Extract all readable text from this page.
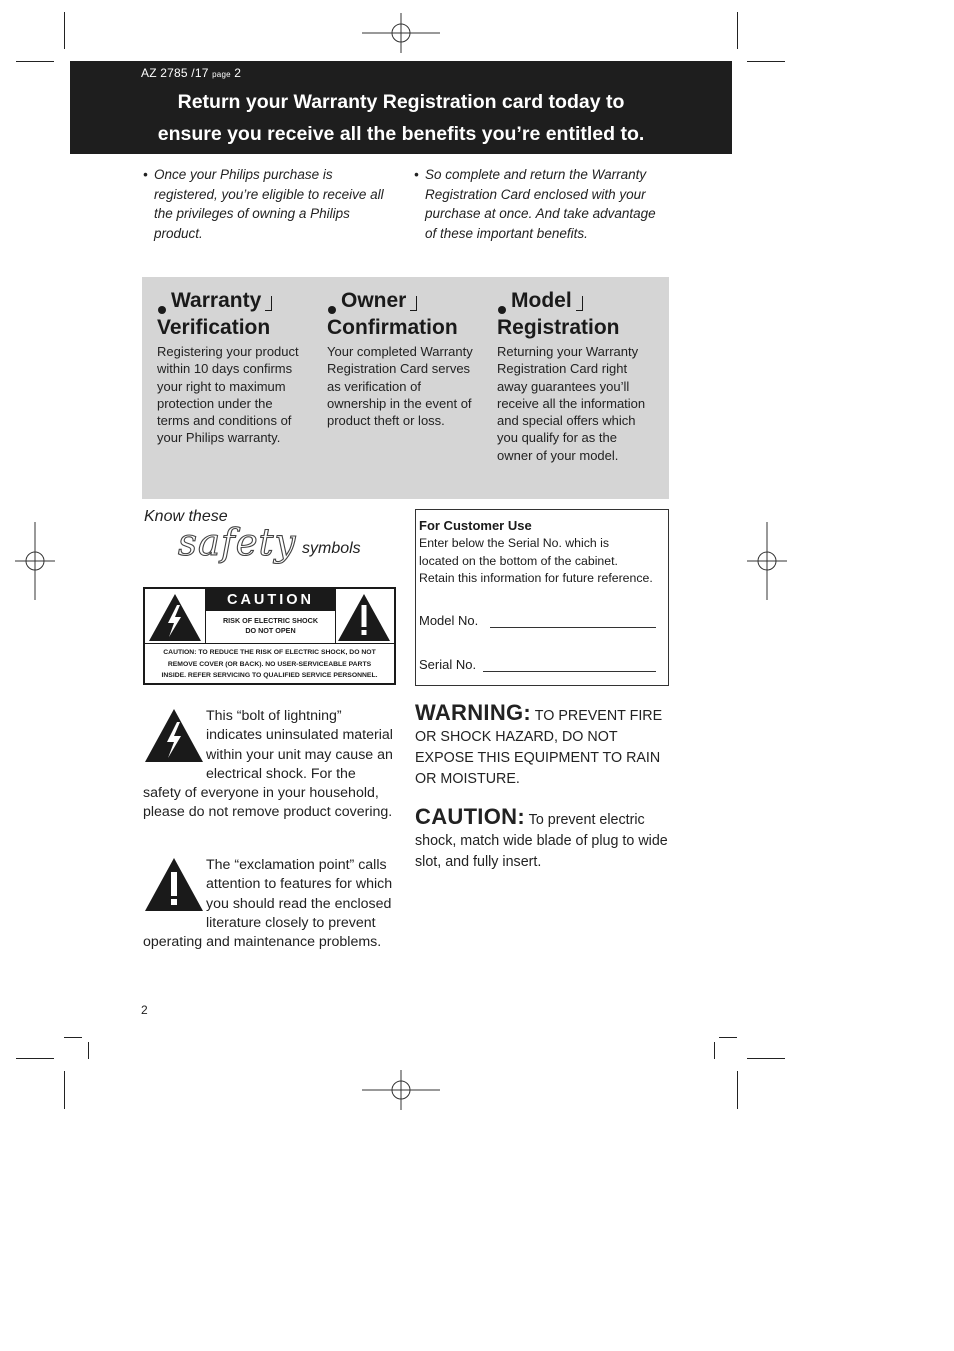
AZ 2785 /17 page 2
Return your Warranty Registration card today to
ensure you receive all the benefits you’re entitled to.
• Once your Philips purchase is
registered, you’re eligible to receive all
the privileges of owning a Philips
product.
• So complete and return the Warranty
Registration Card enclosed with your
purchase at once. And take advantage
of these important benefits.
Warranty
Verification
Registering your product
within 10 days confirms
your right to maximum
protection under the
terms and conditions of
your Philips warranty.
Owner
Confirmation
Your completed Warranty
Registration Card serves
as verification of
ownership in the event of
product theft or loss.
Model
Registration
Returning your Warranty
Registration Card right
away guarantees you’ll
receive all the information
and special offers which
you qualify for as the
owner of your model.
Know these
safety symbols
CAUTION
RISK OF ELECTRIC SHOCK
DO NOT OPEN
CAUTION: TO REDUCE THE RISK OF ELECTRIC SHOCK, DO NOT
REMOVE COVER (OR BACK). NO USER-SERVICEABLE PARTS
INSIDE. REFER SERVICING TO QUALIFIED SERVICE PERSONNEL.
For Customer Use
Enter below the Serial No. which is
located on the bottom of the cabinet.
Retain this information for future reference.
Model No.
Serial No.
This “bolt of lightning” indicates uninsulated material within your unit may cause an electrical shock. For the safety of everyone in your household, please do not remove product covering.
The “exclamation point” calls attention to features for which you should read the enclosed literature closely to prevent operating and maintenance problems.
WARNING: TO PREVENT FIRE OR SHOCK HAZARD, DO NOT EXPOSE THIS EQUIPMENT TO RAIN OR MOISTURE.
CAUTION: To prevent electric shock, match wide blade of plug to wide slot, and fully insert.
2
